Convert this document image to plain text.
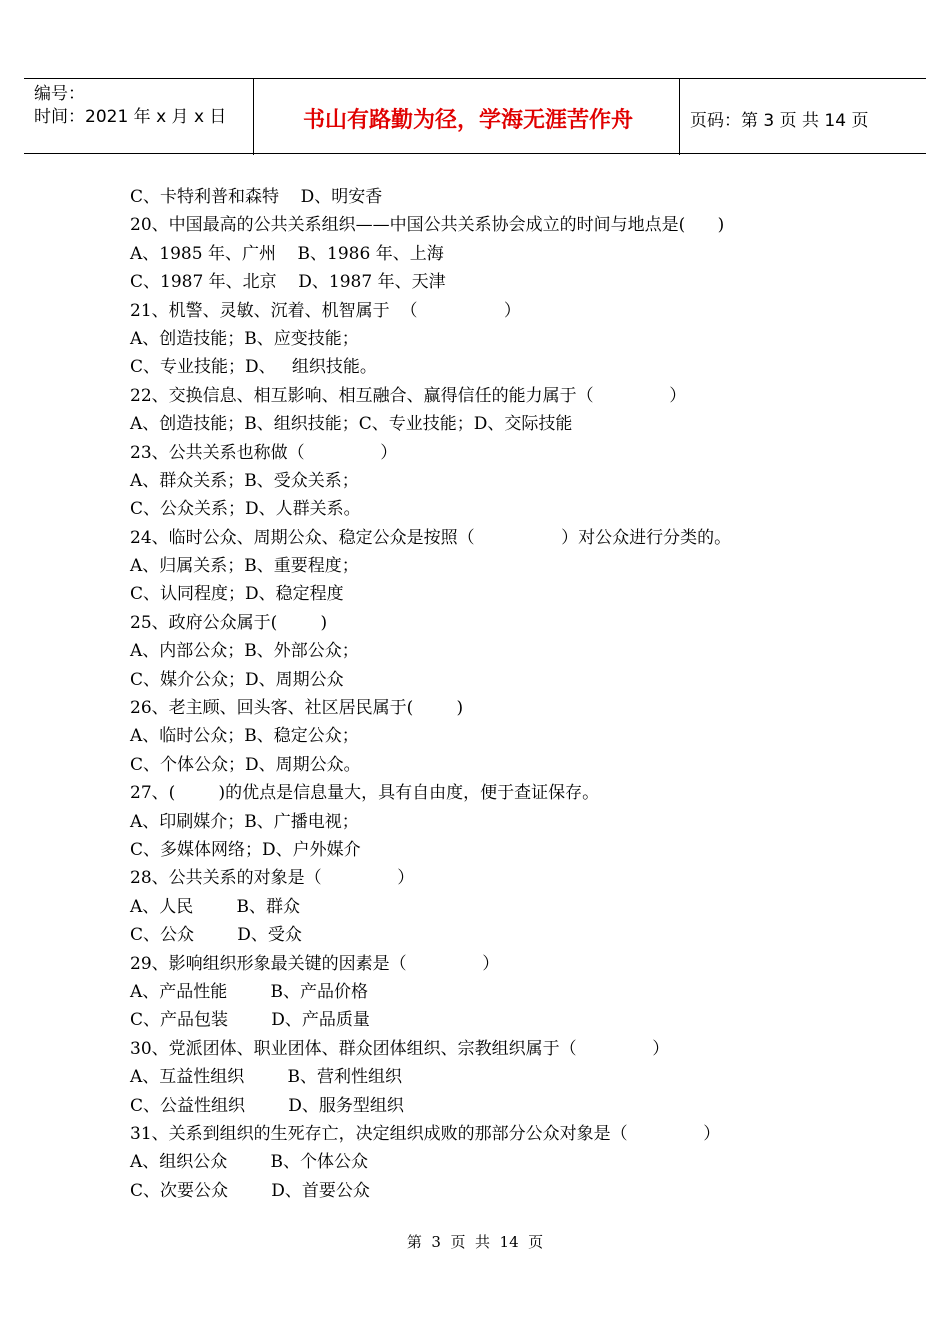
编号：
时间：2021 年 x 月 x 日	书山有路勤为径，学海无涯苦作舟	页码：第 3 页 共 14 页
C、卡特利普和森特    D、明安香
20、中国最高的公共关系组织——中国公共关系协会成立的时间与地点是(      )
A、1985 年、广州    B、1986 年、上海
C、1987 年、北京    D、1987 年、天津
21、机警、灵敏、沉着、机智属于  （                ）
A、创造技能；B、应变技能；
C、专业技能；D、   组织技能。
22、交换信息、相互影响、相互融合、赢得信任的能力属于（              ）
A、创造技能；B、组织技能；C、专业技能；D、交际技能
23、公共关系也称做（              ）
A、群众关系；B、受众关系；
C、公众关系；D、人群关系。
24、临时公众、周期公众、稳定公众是按照（                ）对公众进行分类的。
A、归属关系；B、重要程度；
C、认同程度；D、稳定程度
25、政府公众属于(        )
A、内部公众；B、外部公众；
C、媒介公众；D、周期公众
26、老主顾、回头客、社区居民属于(        )
A、临时公众；B、稳定公众；
C、个体公众；D、周期公众。
27、(        )的优点是信息量大，具有自由度，便于查证保存。
A、印刷媒介；B、广播电视；
C、多媒体网络；D、户外媒介
28、公共关系的对象是（              ）
A、人民        B、群众
C、公众        D、受众
29、影响组织形象最关键的因素是（              ）
A、产品性能        B、产品价格
C、产品包装        D、产品质量
30、党派团体、职业团体、群众团体组织、宗教组织属于（              ）
A、互益性组织        B、营利性组织
C、公益性组织        D、服务型组织
31、关系到组织的生死存亡，决定组织成败的那部分公众对象是（              ）
A、组织公众        B、个体公众
C、次要公众        D、首要公众
第  3  页  共  14  页
